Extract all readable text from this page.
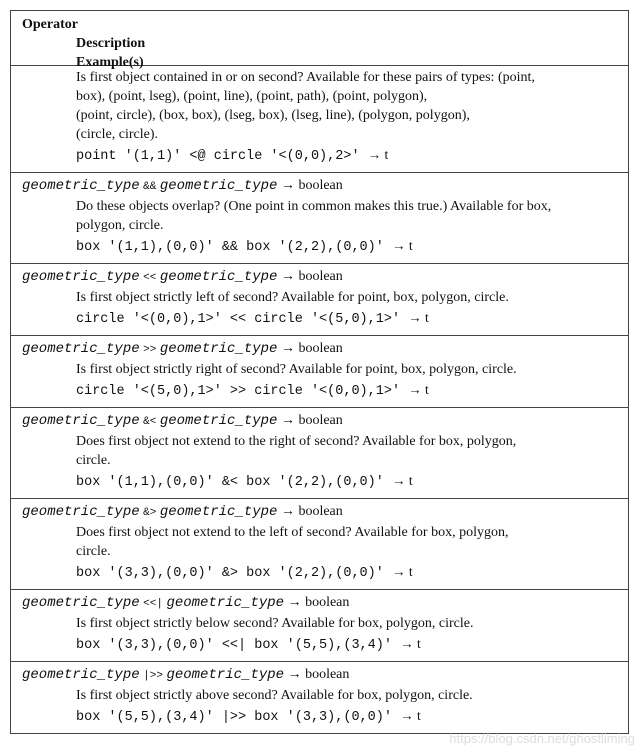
Operator
Description
Example(s)
Is first object contained in or on second? Available for these pairs of types: (point,
box), (point, lseg), (point, line), (point, path), (point, polygon),
(point, circle), (box, box), (lseg, box), (lseg, line), (polygon, polygon),
(circle, circle).
point '(1,1)' <@ circle '<(0,0),2>' → t
geometric_type && geometric_type → boolean
Do these objects overlap? (One point in common makes this true.) Available for box,
polygon, circle.
box '(1,1),(0,0)' && box '(2,2),(0,0)' → t
geometric_type << geometric_type → boolean
Is first object strictly left of second? Available for point, box, polygon, circle.
circle '<(0,0),1>' << circle '<(5,0),1>' → t
geometric_type >> geometric_type → boolean
Is first object strictly right of second? Available for point, box, polygon, circle.
circle '<(5,0),1>' >> circle '<(0,0),1>' → t
geometric_type &< geometric_type → boolean
Does first object not extend to the right of second? Available for box, polygon,
circle.
box '(1,1),(0,0)' &< box '(2,2),(0,0)' → t
geometric_type &> geometric_type → boolean
Does first object not extend to the left of second? Available for box, polygon,
circle.
box '(3,3),(0,0)' &> box '(2,2),(0,0)' → t
geometric_type <<| geometric_type → boolean
Is first object strictly below second? Available for box, polygon, circle.
box '(3,3),(0,0)' <<| box '(5,5),(3,4)' → t
geometric_type |>> geometric_type → boolean
Is first object strictly above second? Available for box, polygon, circle.
box '(5,5),(3,4)' |>> box '(3,3),(0,0)' → t
https://blog.csdn.net/ghostliming
